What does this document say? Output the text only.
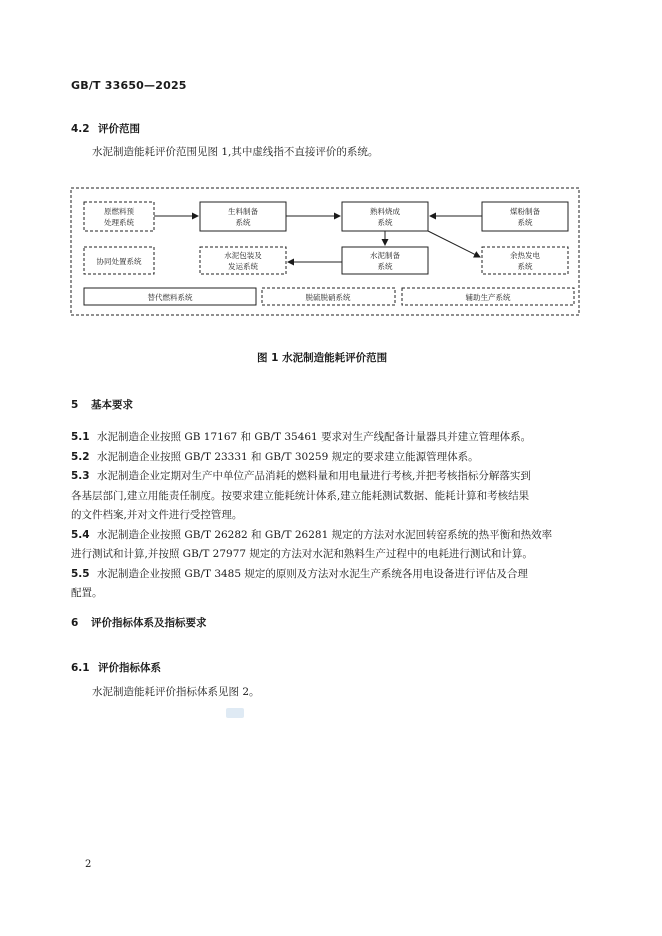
GB/T 33650—2025
4.2 评价范围
水泥制造能耗评价范围见图 1,其中虚线指不直接评价的系统。
原燃料预
处理系统
生料制备
系统
熟料烧成
系统
煤粉制备
系统
协同处置系统
水泥包装及
发运系统
水泥制备
系统
余热发电
系统
替代燃料系统	脱硫脱硝系统	辅助生产系统
图 1 水泥制造能耗评价范围
5 基本要求
5.1 水泥制造企业按照 GB 17167 和 GB/T 35461 要求对生产线配备计量器具并建立管理体系。
5.2 水泥制造企业按照 GB/T 23331 和 GB/T 30259 规定的要求建立能源管理体系。
5.3 水泥制造企业定期对生产中单位产品消耗的燃料量和用电量进行考核,并把考核指标分解落实到
各基层部门,建立用能责任制度。按要求建立能耗统计体系,建立能耗测试数据、能耗计算和考核结果
的文件档案,并对文件进行受控管理。
5.4 水泥制造企业按照 GB/T 26282 和 GB/T 26281 规定的方法对水泥回转窑系统的热平衡和热效率
进行测试和计算,并按照 GB/T 27977 规定的方法对水泥和熟料生产过程中的电耗进行测试和计算。
5.5 水泥制造企业按照 GB/T 3485 规定的原则及方法对水泥生产系统各用电设备进行评估及合理
配置。
6 评价指标体系及指标要求
6.1 评价指标体系
水泥制造能耗评价指标体系见图 2。
2
